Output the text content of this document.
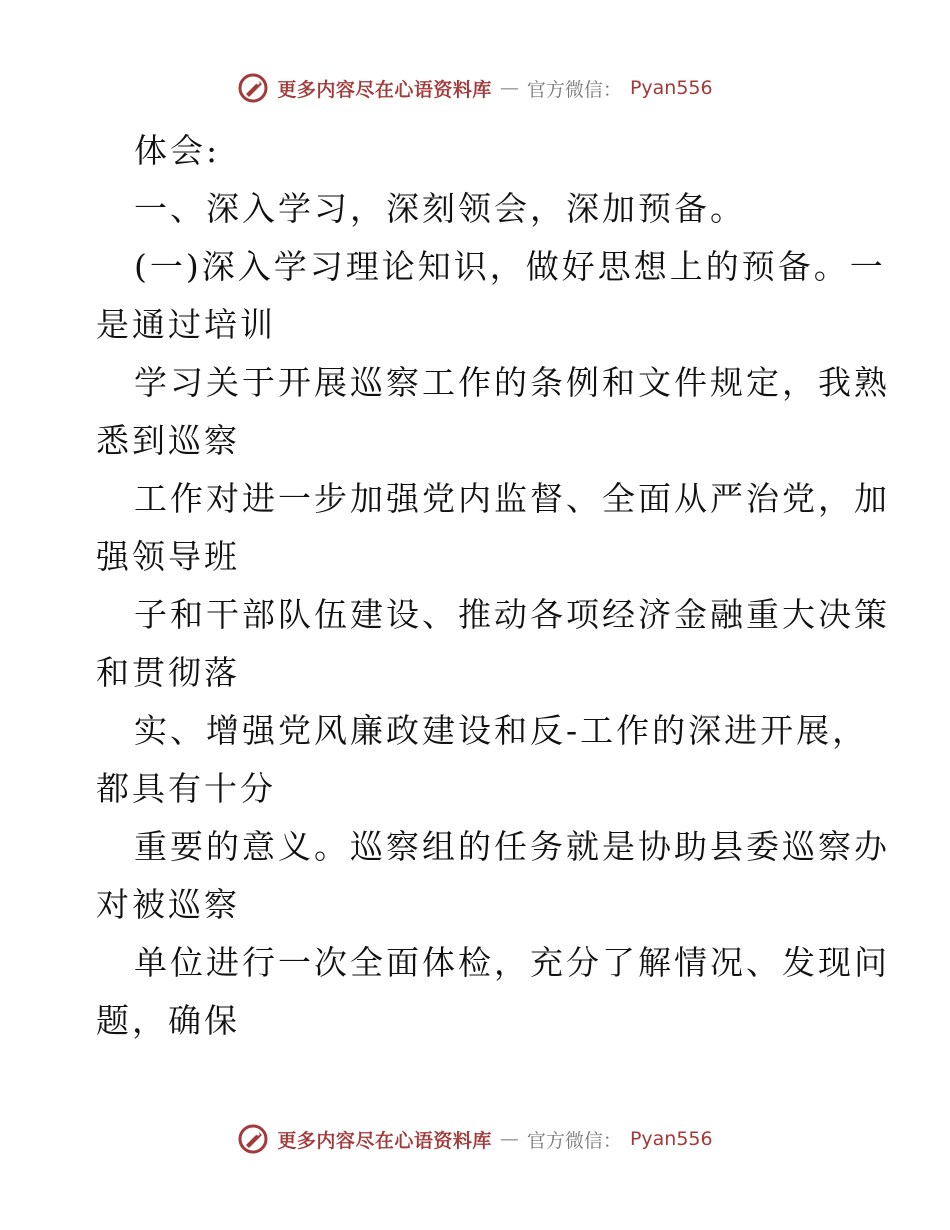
更多内容尽在心语资料库 — 官方微信： Pyan556
体会:
一、深入学习，深刻领会，深加预备。
(一)深入学习理论知识，做好思想上的预备。一
是通过培训
学习关于开展巡察工作的条例和文件规定，我熟
悉到巡察
工作对进一步加强党内监督、全面从严治党，加
强领导班
子和干部队伍建设、推动各项经济金融重大决策
和贯彻落
实、增强党风廉政建设和反-工作的深进开展，
都具有十分
重要的意义。巡察组的任务就是协助县委巡察办
对被巡察
单位进行一次全面体检，充分了解情况、发现问
题，确保
更多内容尽在心语资料库 — 官方微信： Pyan556
